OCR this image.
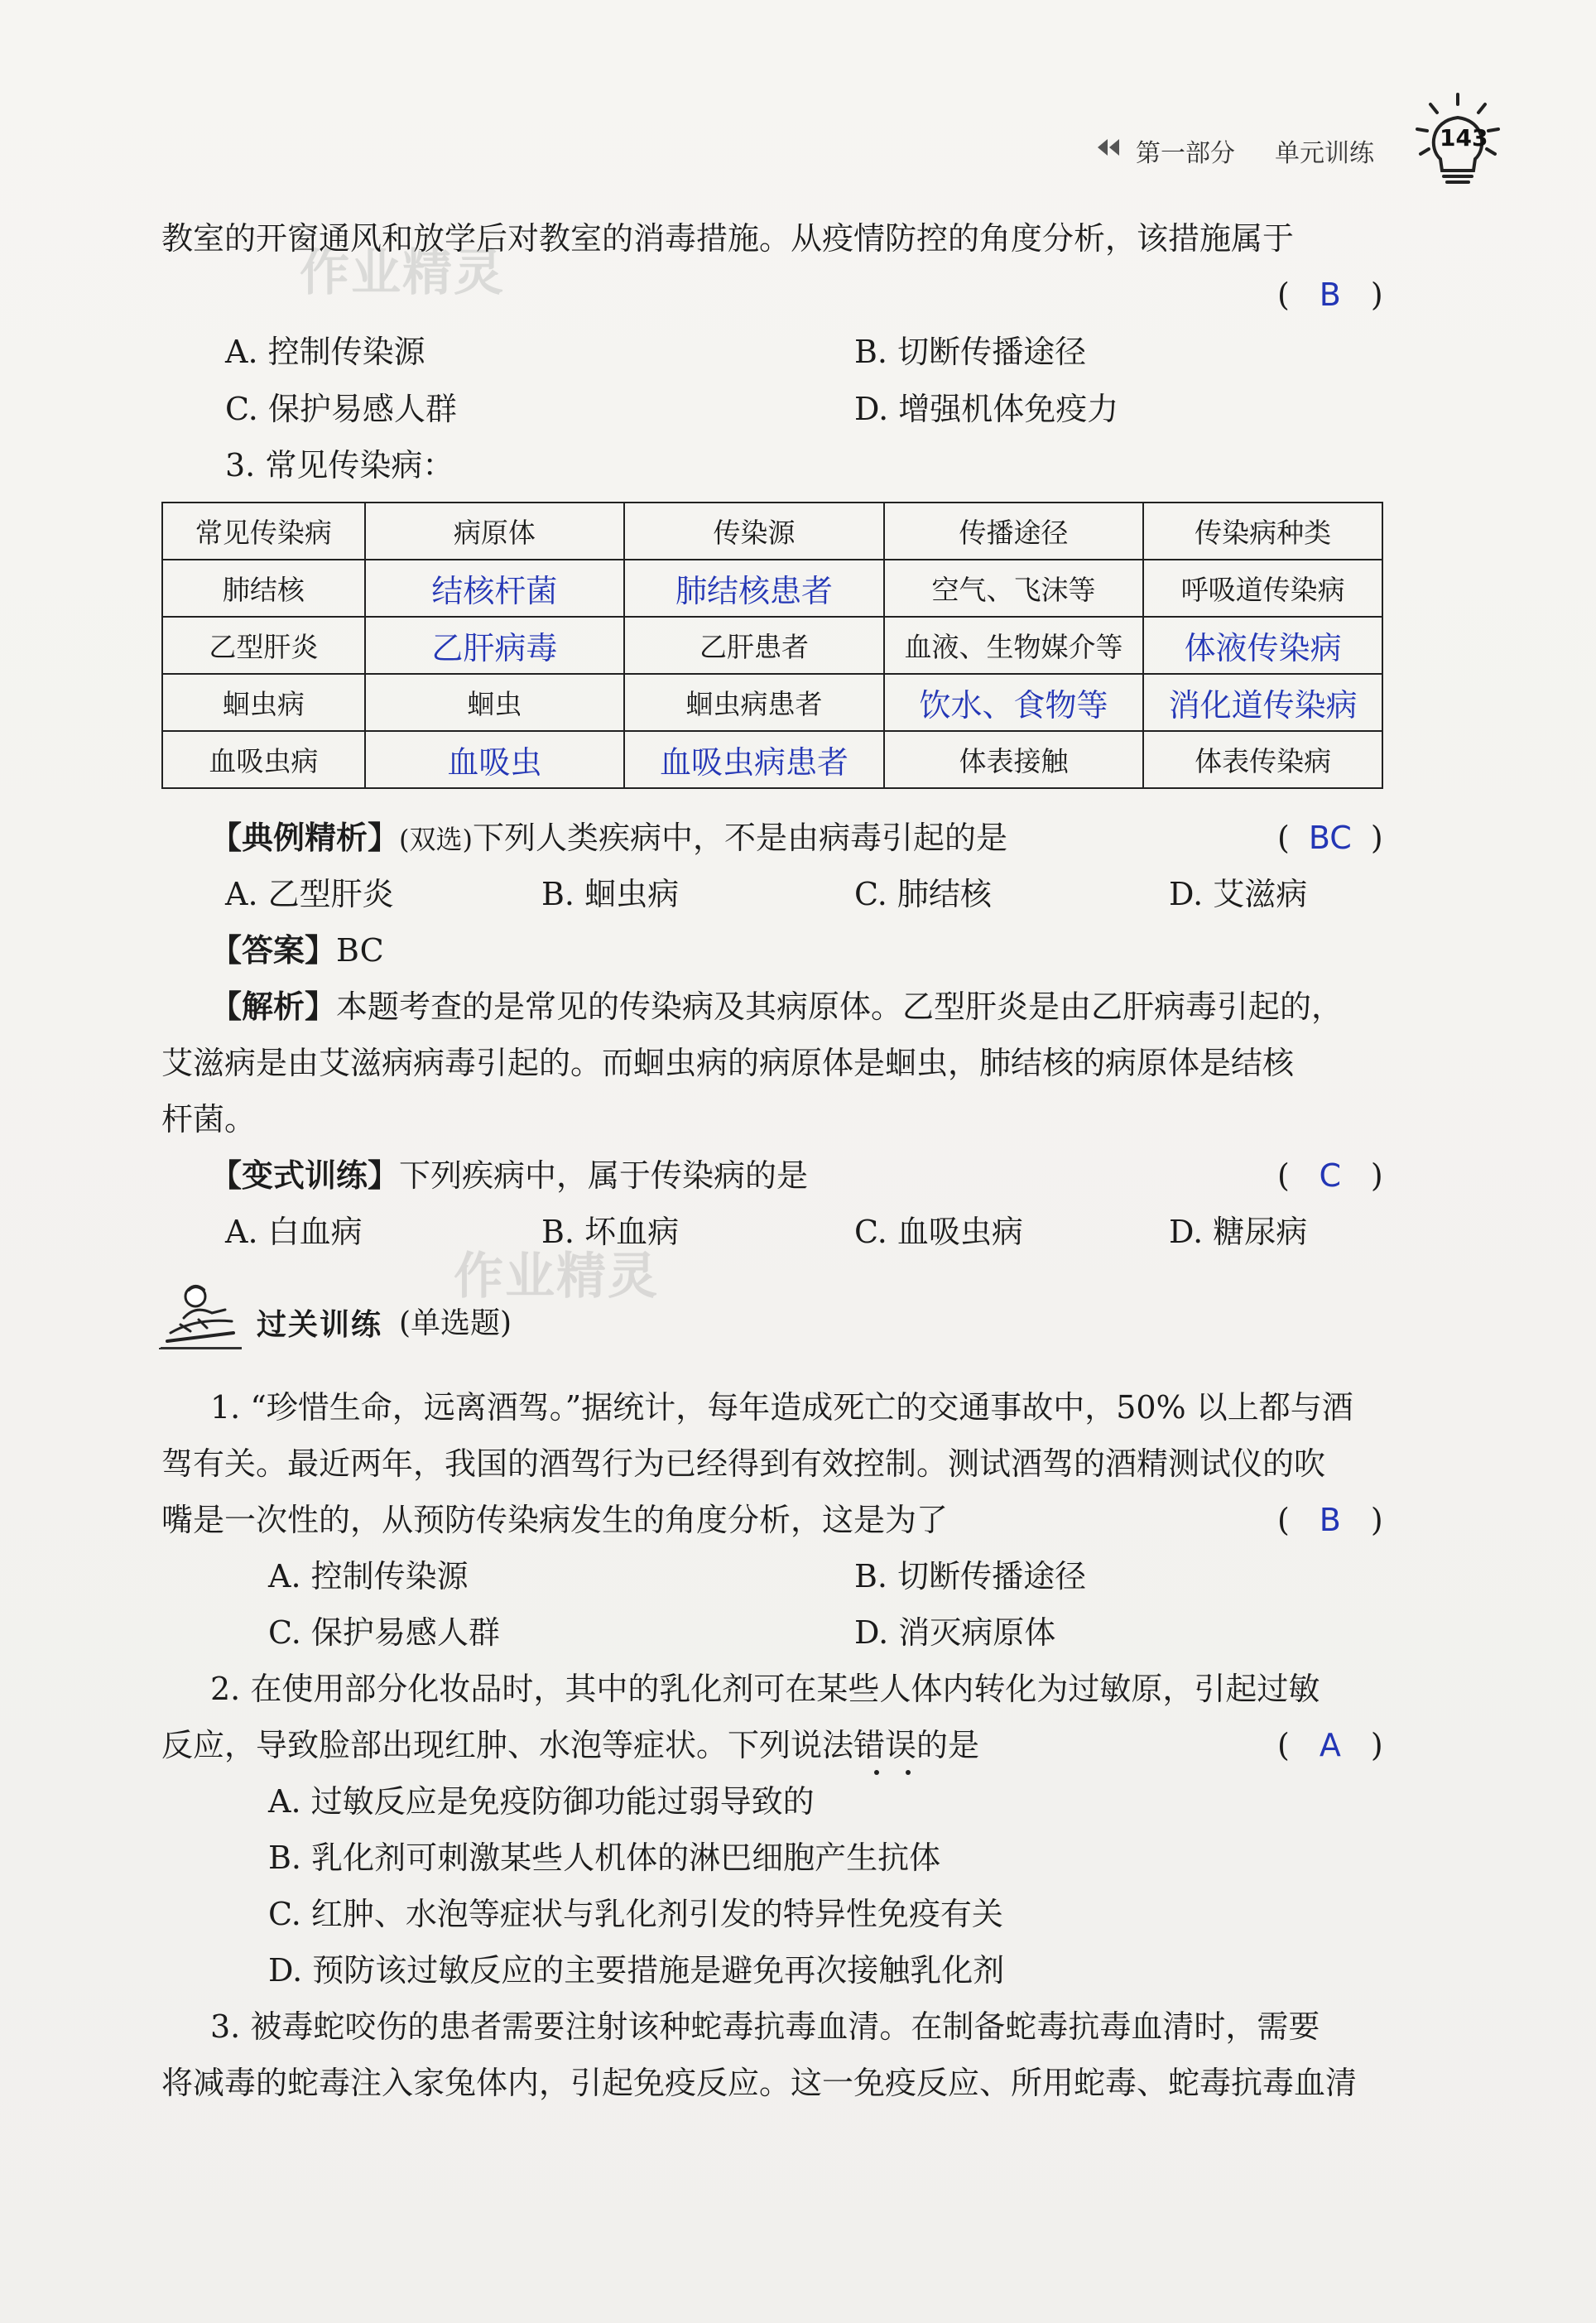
第一部分 单元训练
143
作业精灵
作业精灵
教室的开窗通风和放学后对教室的消毒措施。从疫情防控的角度分析，该措施属于
( B )
A. 控制传染源	B. 切断传播途径
C. 保护易感人群	D. 增强机体免疫力
3. 常见传染病：
常见传染病	病原体	传染源	传播途径	传染病种类
肺结核	结核杆菌	肺结核患者	空气、飞沫等	呼吸道传染病
乙型肝炎	乙肝病毒	乙肝患者	血液、生物媒介等	体液传染病
蛔虫病	蛔虫	蛔虫病患者	饮水、食物等	消化道传染病
血吸虫病	血吸虫	血吸虫病患者	体表接触	体表传染病
【典例精析】(双选)下列人类疾病中，不是由病毒引起的是	( BC )
A. 乙型肝炎	B. 蛔虫病	C. 肺结核	D. 艾滋病
【答案】BC
【解析】本题考查的是常见的传染病及其病原体。乙型肝炎是由乙肝病毒引起的，
艾滋病是由艾滋病病毒引起的。而蛔虫病的病原体是蛔虫，肺结核的病原体是结核
杆菌。
【变式训练】下列疾病中，属于传染病的是	( C )
A. 白血病	B. 坏血病	C. 血吸虫病	D. 糖尿病
过关训练 (单选题)
1. “珍惜生命，远离酒驾。”据统计，每年造成死亡的交通事故中，50% 以上都与酒
驾有关。最近两年，我国的酒驾行为已经得到有效控制。测试酒驾的酒精测试仪的吹
嘴是一次性的，从预防传染病发生的角度分析，这是为了	( B )
A. 控制传染源	B. 切断传播途径
C. 保护易感人群	D. 消灭病原体
2. 在使用部分化妆品时，其中的乳化剂可在某些人体内转化为过敏原，引起过敏
反应，导致脸部出现红肿、水泡等症状。下列说法错误的是	( A )
A. 过敏反应是免疫防御功能过弱导致的
B. 乳化剂可刺激某些人机体的淋巴细胞产生抗体
C. 红肿、水泡等症状与乳化剂引发的特异性免疫有关
D. 预防该过敏反应的主要措施是避免再次接触乳化剂
3. 被毒蛇咬伤的患者需要注射该种蛇毒抗毒血清。在制备蛇毒抗毒血清时，需要
将减毒的蛇毒注入家兔体内，引起免疫反应。这一免疫反应、所用蛇毒、蛇毒抗毒血清
